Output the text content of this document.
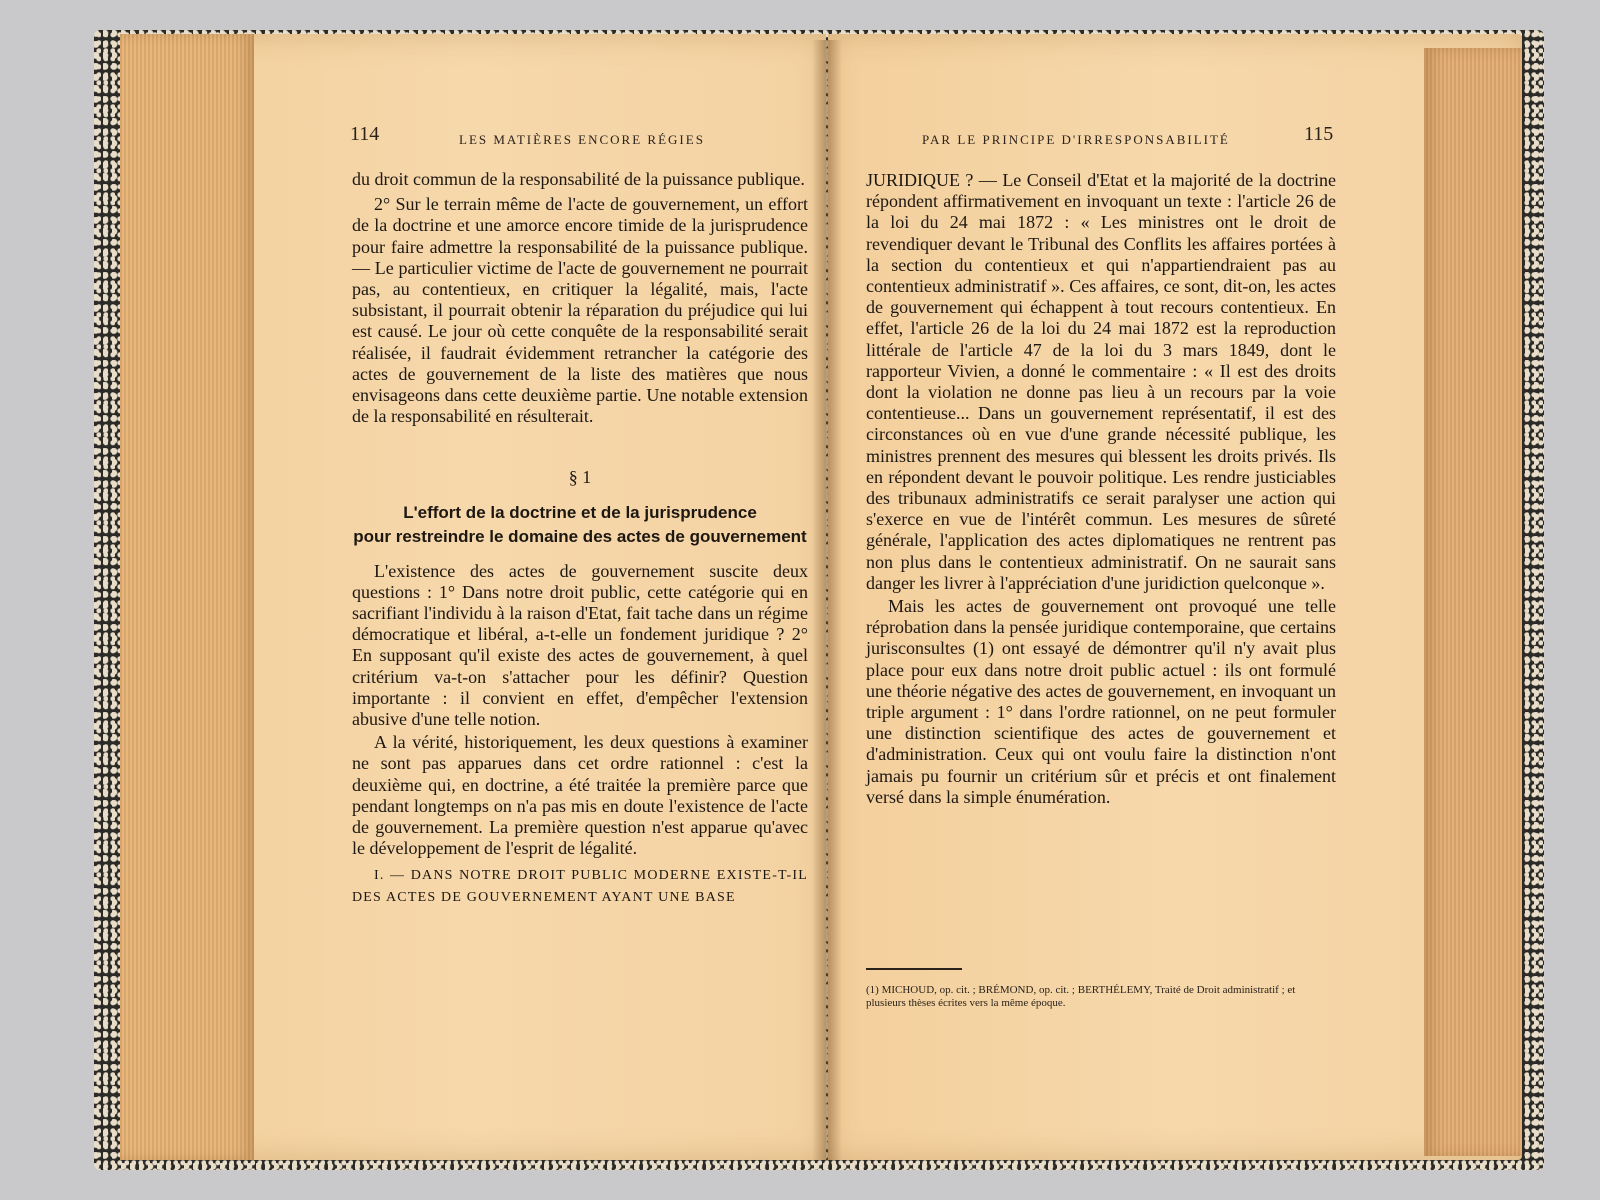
114	LES MATIÈRES ENCORE RÉGIES	115
PAR LE PRINCIPE D'IRRESPONSABILITÉ

du droit commun de la responsabilité de la puissance publique.

2° Sur le terrain même de l'acte de gouvernement, un effort de la doctrine et une amorce encore timide de la jurisprudence pour faire admettre la responsabilité de la puissance publique. — Le particulier victime de l'acte de gouvernement ne pourrait pas, au contentieux, en critiquer la légalité, mais, l'acte subsistant, il pourrait obtenir la réparation du préjudice qui lui est causé. Le jour où cette conquête de la responsabilité serait réalisée, il faudrait évidemment retrancher la catégorie des actes de gouvernement de la liste des matières que nous envisageons dans cette deuxième partie. Une notable extension de la responsabilité en résulterait.

§ 1

L'effort de la doctrine et de la jurisprudence

pour restreindre le domaine des actes de gouvernement

L'existence des actes de gouvernement suscite deux questions : 1° Dans notre droit public, cette catégorie qui en sacrifiant l'individu à la raison d'Etat, fait tache dans un régime démocratique et libéral, a-t-elle un fondement juridique ? 2° En supposant qu'il existe des actes de gouvernement, à quel critérium va-t-on s'attacher pour les définir? Question importante : il convient en effet, d'empêcher l'extension abusive d'une telle notion.

A la vérité, historiquement, les deux questions à examiner ne sont pas apparues dans cet ordre rationnel : c'est la deuxième qui, en doctrine, a été traitée la première parce que pendant longtemps on n'a pas mis en doute l'existence de l'acte de gouvernement. La première question n'est apparue qu'avec le développement de l'esprit de légalité.

I. — DANS NOTRE DROIT PUBLIC MODERNE EXISTE-T-IL DES ACTES DE GOUVERNEMENT AYANT UNE BASE

JURIDIQUE ? — Le Conseil d'Etat et la majorité de la doctrine répondent affirmativement en invoquant un texte : l'article 26 de la loi du 24 mai 1872 : « Les ministres ont le droit de revendiquer devant le Tribunal des Conflits les affaires portées à la section du contentieux et qui n'appartiendraient pas au contentieux administratif ». Ces affaires, ce sont, dit-on, les actes de gouvernement qui échappent à tout recours contentieux. En effet, l'article 26 de la loi du 24 mai 1872 est la reproduction littérale de l'article 47 de la loi du 3 mars 1849, dont le rapporteur Vivien, a donné le commentaire : « Il est des droits dont la violation ne donne pas lieu à un recours par la voie contentieuse... Dans un gouvernement représentatif, il est des circonstances où en vue d'une grande nécessité publique, les ministres prennent des mesures qui blessent les droits privés. Ils en répondent devant le pouvoir politique. Les rendre justiciables des tribunaux administratifs ce serait paralyser une action qui s'exerce en vue de l'intérêt commun. Les mesures de sûreté générale, l'application des actes diplomatiques ne rentrent pas non plus dans le contentieux administratif. On ne saurait sans danger les livrer à l'appréciation d'une juridiction quelconque ».

Mais les actes de gouvernement ont provoqué une telle réprobation dans la pensée juridique contemporaine, que certains jurisconsultes (1) ont essayé de démontrer qu'il n'y avait plus place pour eux dans notre droit public actuel : ils ont formulé une théorie négative des actes de gouvernement, en invoquant un triple argument : 1° dans l'ordre rationnel, on ne peut formuler une distinction scientifique des actes de gouvernement et d'administration. Ceux qui ont voulu faire la distinction n'ont jamais pu fournir un critérium sûr et précis et ont finalement versé dans la simple énumération.

(1) MICHOUD, op. cit. ; BRÉMOND, op. cit. ; BERTHÉLEMY, Traité de Droit administratif ; et plusieurs thèses écrites vers la même époque.
